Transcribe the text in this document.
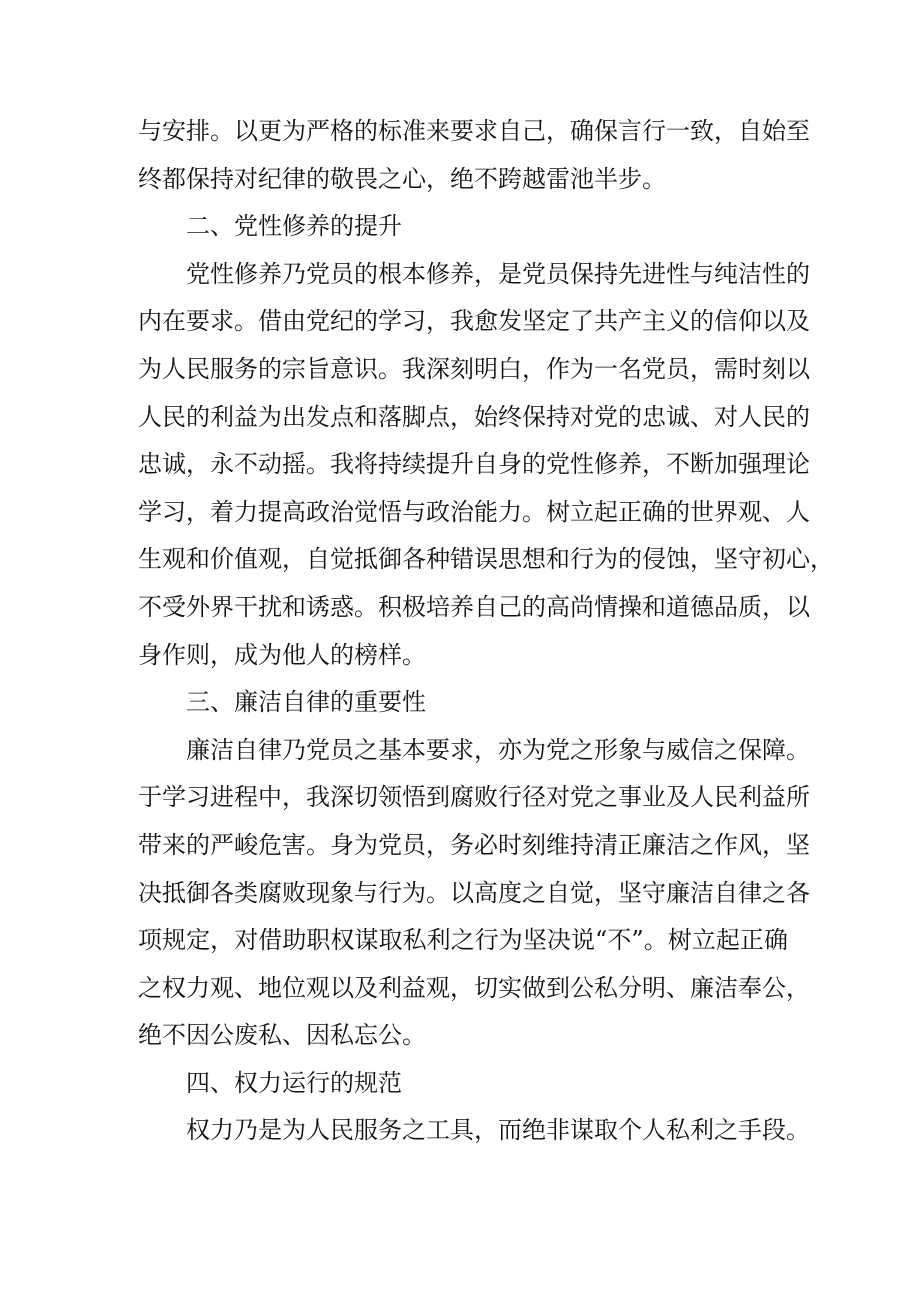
与安排。以更为严格的标准来要求自己，确保言行一致，自始至
终都保持对纪律的敬畏之心，绝不跨越雷池半步。
二、党性修养的提升
党性修养乃党员的根本修养，是党员保持先进性与纯洁性的
内在要求。借由党纪的学习，我愈发坚定了共产主义的信仰以及
为人民服务的宗旨意识。我深刻明白，作为一名党员，需时刻以
人民的利益为出发点和落脚点，始终保持对党的忠诚、对人民的
忠诚，永不动摇。我将持续提升自身的党性修养，不断加强理论
学习，着力提高政治觉悟与政治能力。树立起正确的世界观、人
生观和价值观，自觉抵御各种错误思想和行为的侵蚀，坚守初心，
不受外界干扰和诱惑。积极培养自己的高尚情操和道德品质，以
身作则，成为他人的榜样。
三、廉洁自律的重要性
廉洁自律乃党员之基本要求，亦为党之形象与威信之保障。
于学习进程中，我深切领悟到腐败行径对党之事业及人民利益所
带来的严峻危害。身为党员，务必时刻维持清正廉洁之作风，坚
决抵御各类腐败现象与行为。以高度之自觉，坚守廉洁自律之各
项规定，对借助职权谋取私利之行为坚决说“不”。树立起正确
之权力观、地位观以及利益观，切实做到公私分明、廉洁奉公，
绝不因公废私、因私忘公。
四、权力运行的规范
权力乃是为人民服务之工具，而绝非谋取个人私利之手段。
